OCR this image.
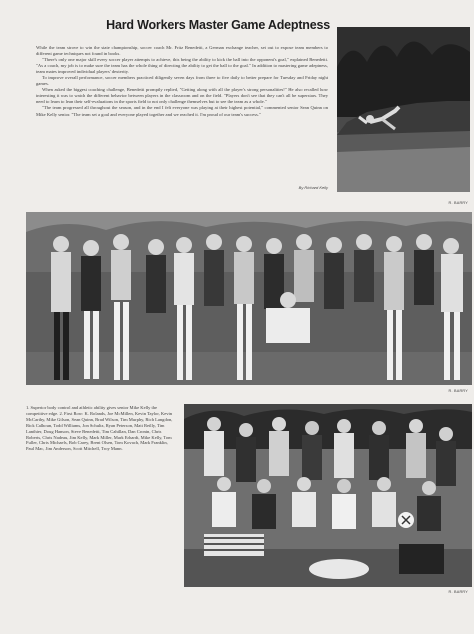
Hard Workers Master Game Adeptness

While the team strove to win the state championship, soccer coach Mr. Fritz Benedetti, a German exchange teacher, set out to expose team members to different game techniques not found in books.

"There's only one major skill every soccer player attempts to achieve, this being the ability to kick the ball into the opponent's goal," explained Benedetti. "As a coach, my job is to make sure the team has the whole thing of directing the ability to get the ball to the goal." In addition to mastering game adeptness, team mates improved individual players' dexterity.

To improve overall performance, soccer members practiced diligently seven days from three to five daily to better prepare for Tuesday and Friday night games.

When asked the biggest coaching challenge, Benedetti promptly replied, "Getting along with all the player's strong personalities!" He also recalled how interesting it was to watch the different behavior between players in the classroom and on the field. "Players don't see that they can't all be superstars. They need to learn to lean their self-evaluations in the sports field to not only challenge themselves but to see the team as a whole."

"The team progressed all throughout the season, and in the end I felt everyone was playing at their highest potential," commented senior Sean Quinn on Mike Kelly senior. "The team set a goal and everyone played together and we reached it. I'm proud of our team's success."

By Richard Kelly
R. BARRY
R. BARRY

1. Superior body control and athletic ability gives senior Mike Kelly the competitive edge. 2. First Row: K. Rolands, Joe McMillen, Kevin Taylor, Kevin McCarthy, Mike Gilson, Sean Quinn, Brad Wilson, Tim Murphy, Rich Langdon, Rick Calhoun, Todd Williams, Jon Schultz, Ryan Peterson, Matt Reilly, Tim Lanthier, Doug Hanson, Steve Benedetti, Tim Cahillan, Dan Cronin, Chris Roberts, Chris Nadeau, Jim Kelly, Mark Miller, Mark Erhardt, Mike Kelly, Tom Fuller, Chris Michaels, Bob Carey, Brent Olsen, Tom Kovach, Mark Franklin, Paul Mac, Jim Anderson, Scott Mitchell, Troy Mann.

R. BARRY
